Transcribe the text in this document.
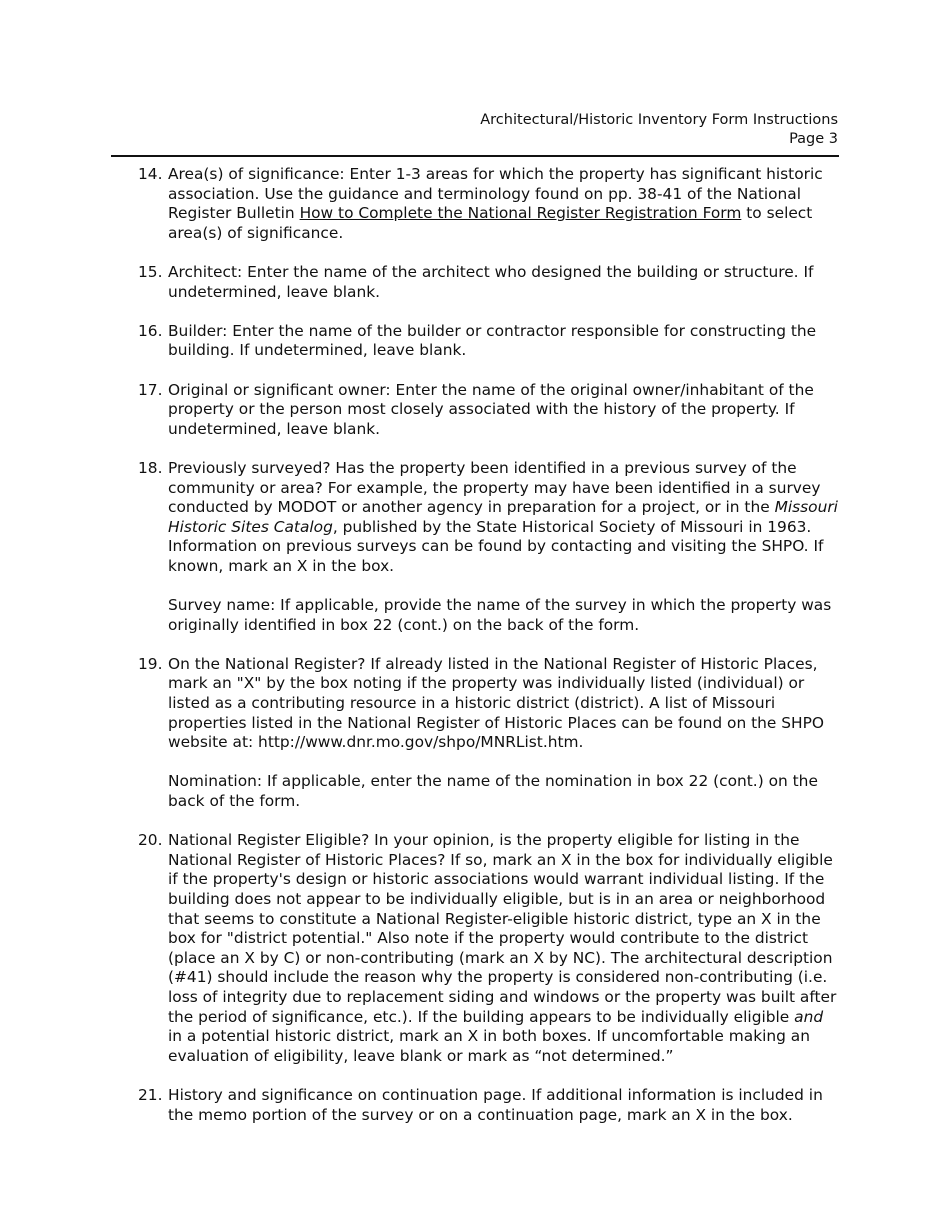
Architectural/Historic Inventory Form Instructions
Page 3
14. Area(s) of significance: Enter 1-3 areas for which the property has significant historic association. Use the guidance and terminology found on pp. 38-41 of the National Register Bulletin How to Complete the National Register Registration Form to select area(s) of significance.

15. Architect: Enter the name of the architect who designed the building or structure. If undetermined, leave blank.

16. Builder: Enter the name of the builder or contractor responsible for constructing the building. If undetermined, leave blank.

17. Original or significant owner: Enter the name of the original owner/inhabitant of the property or the person most closely associated with the history of the property. If undetermined, leave blank.

18. Previously surveyed? Has the property been identified in a previous survey of the community or area? For example, the property may have been identified in a survey conducted by MODOT or another agency in preparation for a project, or in the Missouri Historic Sites Catalog, published by the State Historical Society of Missouri in 1963. Information on previous surveys can be found by contacting and visiting the SHPO. If known, mark an X in the box.

Survey name: If applicable, provide the name of the survey in which the property was originally identified in box 22 (cont.) on the back of the form.

19. On the National Register? If already listed in the National Register of Historic Places, mark an "X" by the box noting if the property was individually listed (individual) or listed as a contributing resource in a historic district (district). A list of Missouri properties listed in the National Register of Historic Places can be found on the SHPO website at: http://www.dnr.mo.gov/shpo/MNRList.htm.

Nomination: If applicable, enter the name of the nomination in box 22 (cont.) on the back of the form.

20. National Register Eligible? In your opinion, is the property eligible for listing in the National Register of Historic Places? If so, mark an X in the box for individually eligible if the property's design or historic associations would warrant individual listing. If the building does not appear to be individually eligible, but is in an area or neighborhood that seems to constitute a National Register-eligible historic district, type an X in the box for "district potential." Also note if the property would contribute to the district (place an X by C) or non-contributing (mark an X by NC). The architectural description (#41) should include the reason why the property is considered non-contributing (i.e. loss of integrity due to replacement siding and windows or the property was built after the period of significance, etc.). If the building appears to be individually eligible and in a potential historic district, mark an X in both boxes. If uncomfortable making an evaluation of eligibility, leave blank or mark as “not determined.”

21. History and significance on continuation page. If additional information is included in the memo portion of the survey or on a continuation page, mark an X in the box.
